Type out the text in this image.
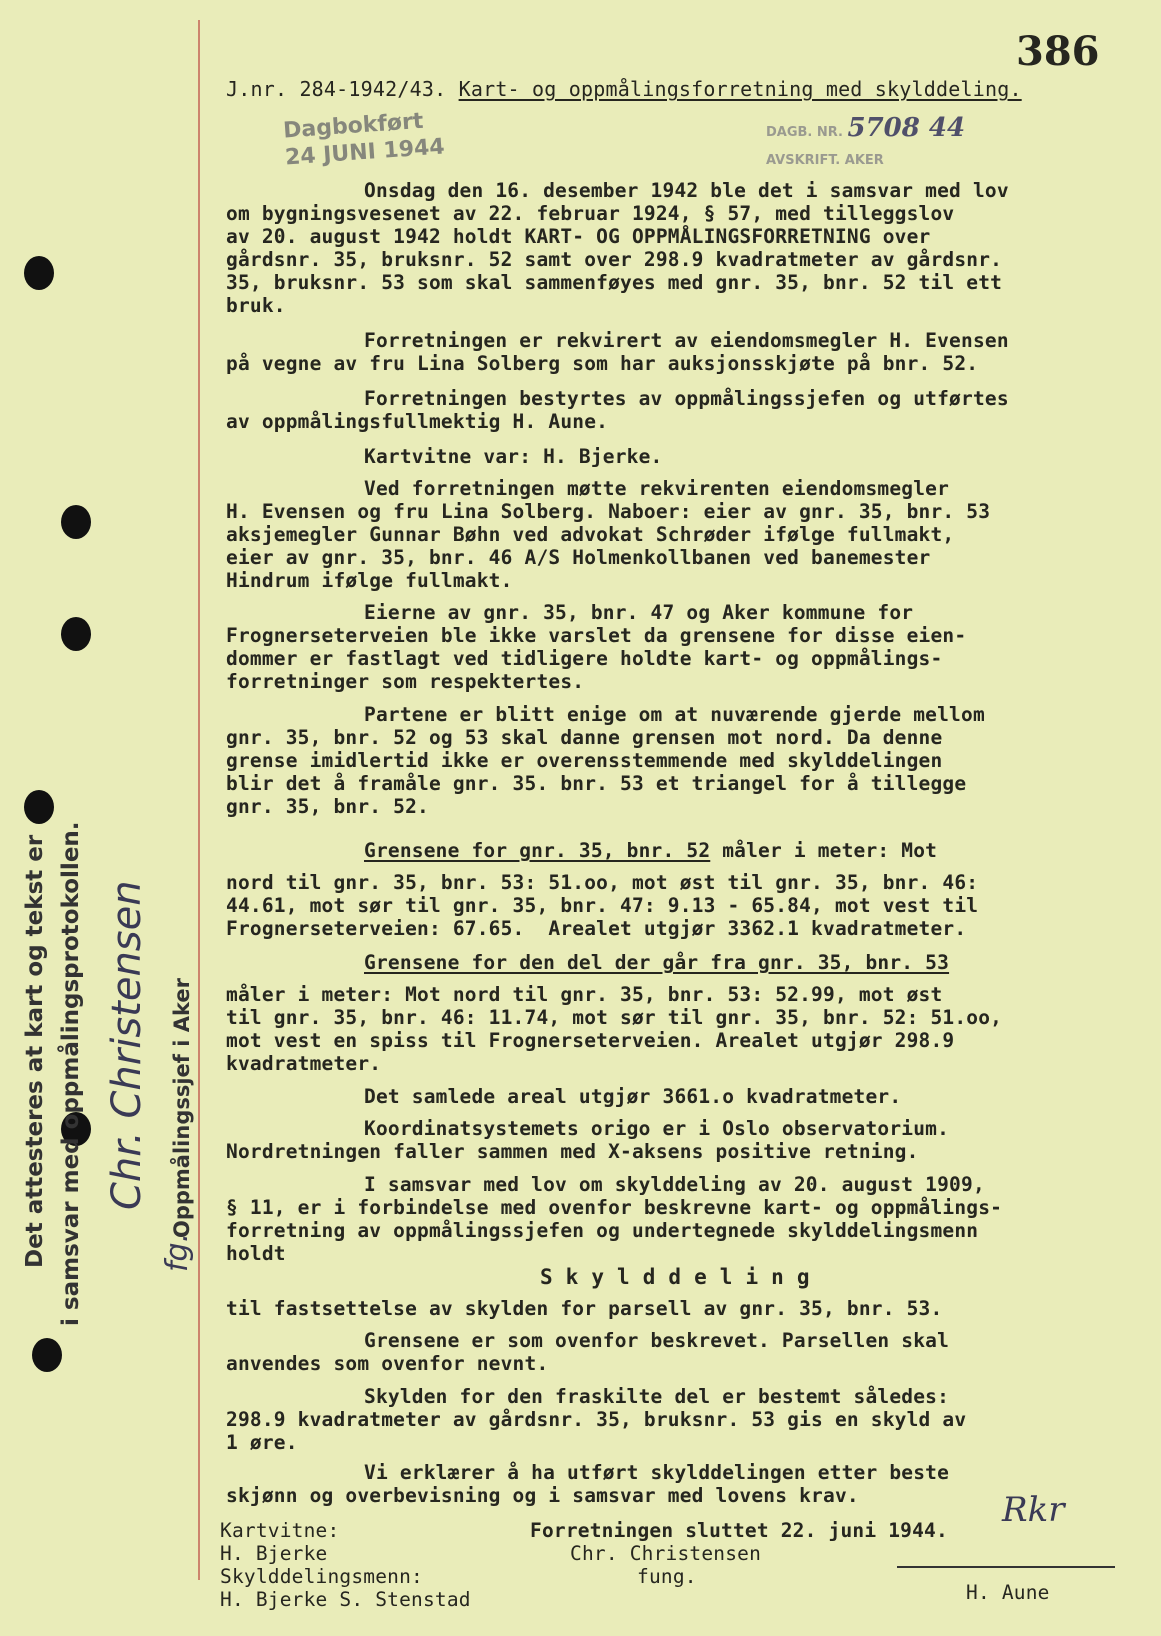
386
Dagbokført
24 JUNI 1944
DAGB. NR. 5708 44
AVSKRIFT. AKER
J.nr. 284-1942/43. Kart- og oppmålingsforretning med skylddeling.
Onsdag den 16. desember 1942 ble det i samsvar med lov
om bygningsvesenet av 22. februar 1924, § 57, med tilleggslov
av 20. august 1942 holdt KART- OG OPPMÅLINGSFORRETNING over
gårdsnr. 35, bruksnr. 52 samt over 298.9 kvadratmeter av gårdsnr.
35, bruksnr. 53 som skal sammenføyes med gnr. 35, bnr. 52 til ett
bruk.
Forretningen er rekvirert av eiendomsmegler H. Evensen
på vegne av fru Lina Solberg som har auksjonsskjøte på bnr. 52.
Forretningen bestyrtes av oppmålingssjefen og utførtes
av oppmålingsfullmektig H. Aune.
Kartvitne var: H. Bjerke.
Ved forretningen møtte rekvirenten eiendomsmegler
H. Evensen og fru Lina Solberg. Naboer: eier av gnr. 35, bnr. 53
aksjemegler Gunnar Bøhn ved advokat Schrøder ifølge fullmakt,
eier av gnr. 35, bnr. 46 A/S Holmenkollbanen ved banemester
Hindrum ifølge fullmakt.
Eierne av gnr. 35, bnr. 47 og Aker kommune for
Frognerseterveien ble ikke varslet da grensene for disse eien-
dommer er fastlagt ved tidligere holdte kart- og oppmålings-
forretninger som respektertes.
Partene er blitt enige om at nuværende gjerde mellom
gnr. 35, bnr. 52 og 53 skal danne grensen mot nord. Da denne
grense imidlertid ikke er overensstemmende med skylddelingen
blir det å framåle gnr. 35. bnr. 53 et triangel for å tillegge
gnr. 35, bnr. 52.
nord til gnr. 35, bnr. 53: 51.oo, mot øst til gnr. 35, bnr. 46:
44.61, mot sør til gnr. 35, bnr. 47: 9.13 - 65.84, mot vest til
Frognerseterveien: 67.65.  Arealet utgjør 3362.1 kvadratmeter.
måler i meter: Mot nord til gnr. 35, bnr. 53: 52.99, mot øst
til gnr. 35, bnr. 46: 11.74, mot sør til gnr. 35, bnr. 52: 51.oo,
mot vest en spiss til Frognerseterveien. Arealet utgjør 298.9
kvadratmeter.
Det samlede areal utgjør 3661.o kvadratmeter.
Koordinatsystemets origo er i Oslo observatorium.
Nordretningen faller sammen med X-aksens positive retning.
I samsvar med lov om skylddeling av 20. august 1909,
§ 11, er i forbindelse med ovenfor beskrevne kart- og oppmålings-
forretning av oppmålingssjefen og undertegnede skylddelingsmenn
holdt
til fastsettelse av skylden for parsell av gnr. 35, bnr. 53.
Grensene er som ovenfor beskrevet. Parsellen skal
anvendes som ovenfor nevnt.
Skylden for den fraskilte del er bestemt således:
298.9 kvadratmeter av gårdsnr. 35, bruksnr. 53 gis en skyld av
1 øre.
Vi erklærer å ha utført skylddelingen etter beste
skjønn og overbevisning og i samsvar med lovens krav.
Grensene for gnr. 35, bnr. 52 måler i meter: Mot
Grensene for den del der går fra gnr. 35, bnr. 53
S k y l d d e l i n g
Kartvitne:
H. Bjerke
Skylddelingsmenn:
H. Bjerke S. Stenstad
Forretningen sluttet 22. juni 1944.
Chr. Christensen
fung.
H. Aune
Rkr
Det attesteres at kart og tekst er i samsvar med oppmålingsprotokollen.	Oppmålingssjef i Aker
Chr. Christensen
fg.
